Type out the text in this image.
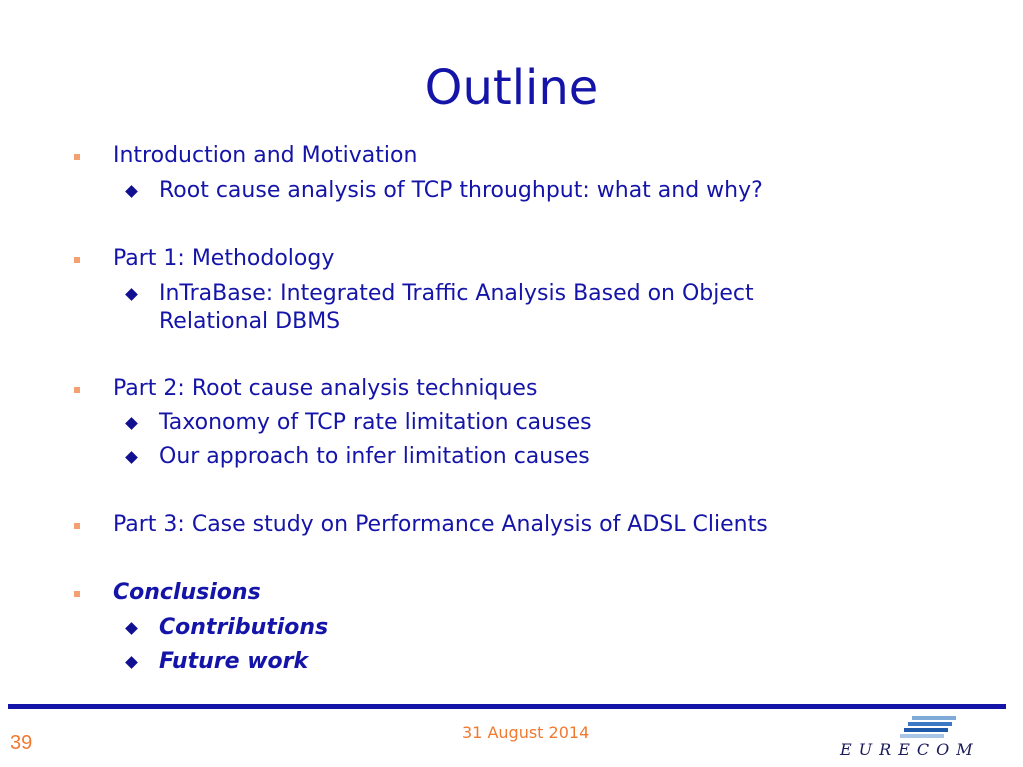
Outline
Introduction and Motivation
Root cause analysis of TCP throughput: what and why?
Part 1: Methodology
InTraBase: Integrated Traffic Analysis Based on Object
Relational DBMS
Part 2: Root cause analysis techniques
Taxonomy of TCP rate limitation causes
Our approach to infer limitation causes
Part 3: Case study on Performance Analysis of ADSL Clients
Conclusions
Contributions
Future work
39	31 August 2014
EURECOM
